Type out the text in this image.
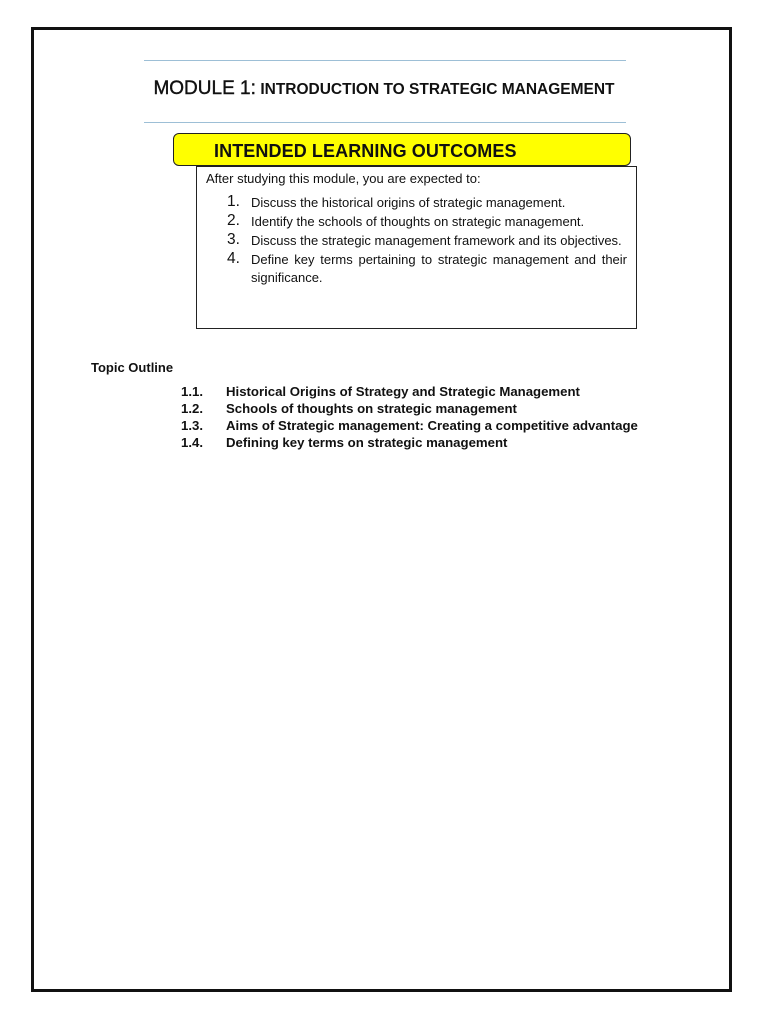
MODULE 1: INTRODUCTION TO STRATEGIC MANAGEMENT
INTENDED LEARNING OUTCOMES
After studying this module, you are expected to:
1. Discuss the historical origins of strategic management.
2. Identify the schools of thoughts on strategic management.
3. Discuss the strategic management framework and its objectives.
4. Define key terms pertaining to strategic management and their significance.
Topic Outline
1.1. Historical Origins of Strategy and Strategic Management
1.2. Schools of thoughts on strategic management
1.3. Aims of Strategic management: Creating a competitive advantage
1.4. Defining key terms on strategic management
